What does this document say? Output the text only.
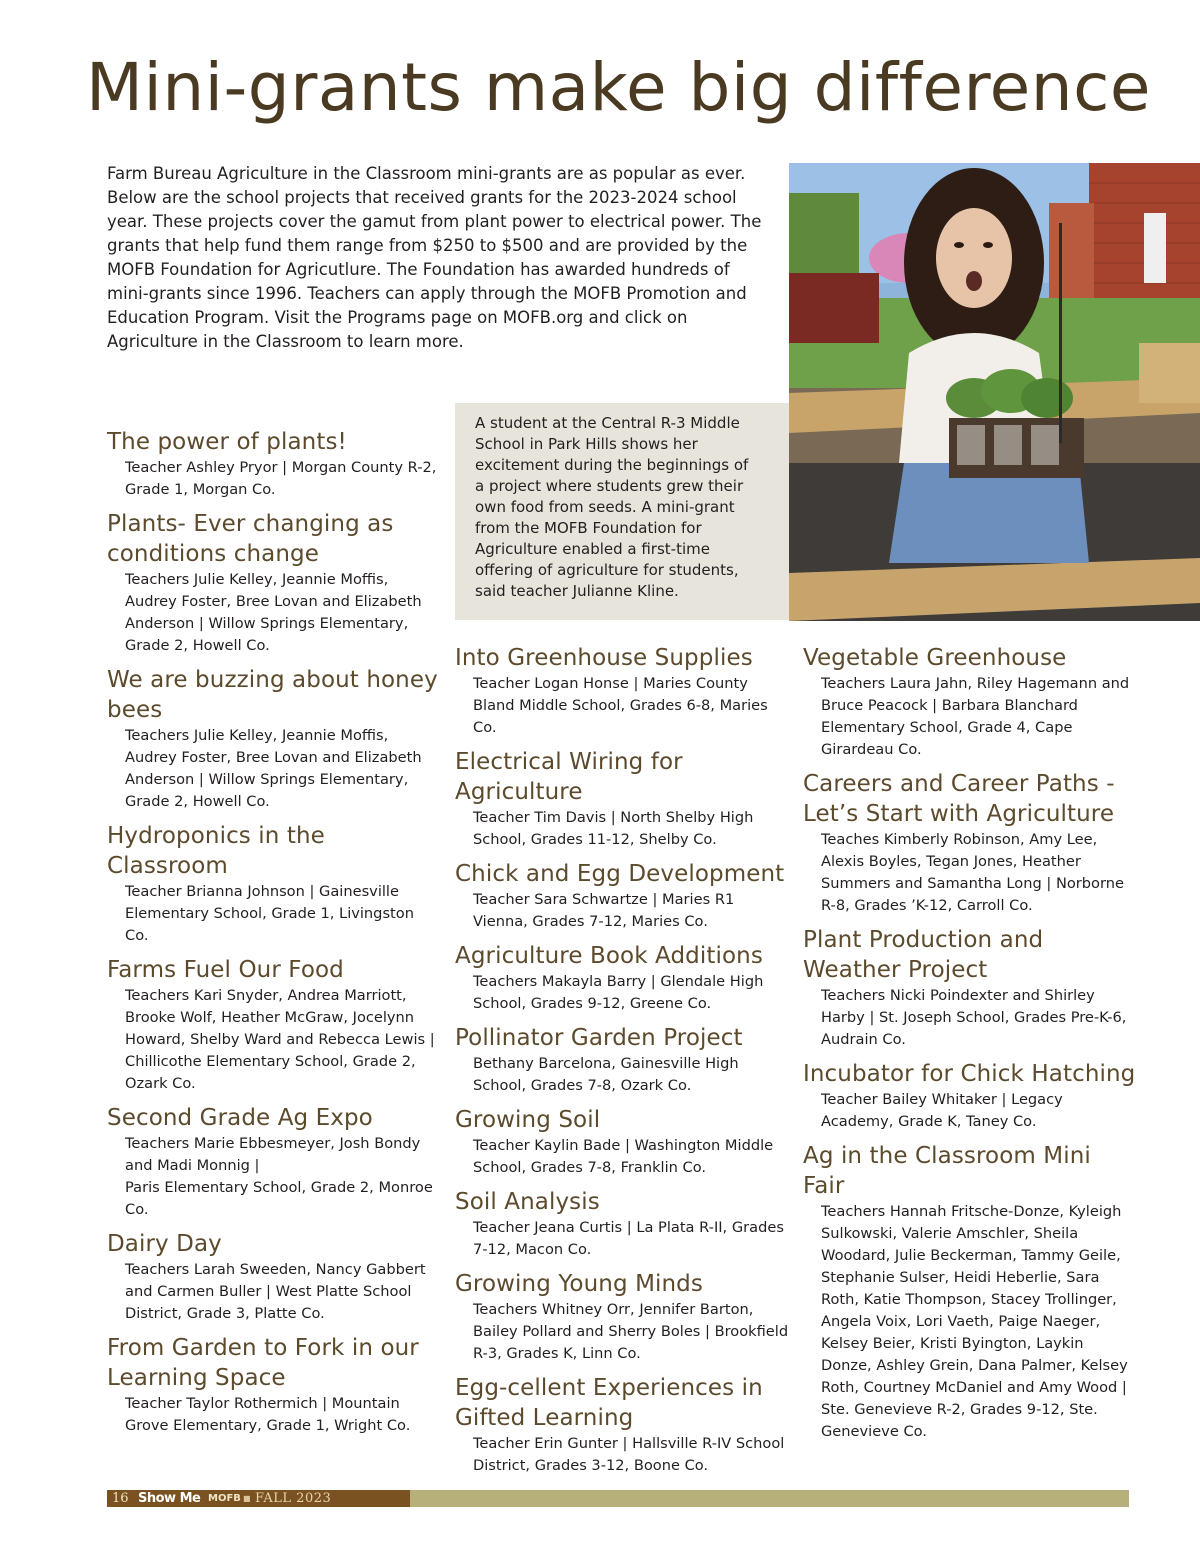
Mini-grants make big difference

Farm Bureau Agriculture in the Classroom mini-grants are as popular as ever. Below are the school projects that received grants for the 2023-2024 school year. These projects cover the gamut from plant power to electrical power. The grants that help fund them range from $250 to $500 and are provided by the MOFB Foundation for Agricutlure. The Foundation has awarded hundreds of mini-grants since 1996. Teachers can apply through the MOFB Promotion and Education Program. Visit the Programs page on MOFB.org and click on Agriculture in the Classroom to learn more.

A student at the Central R-3 Middle School in Park Hills shows her excitement during the beginnings of a project where students grew their own food from seeds. A mini-grant from the MOFB Foundation for Agriculture enabled a first-time offering of agriculture for students, said teacher Julianne Kline.

The power of plants!

Teacher Ashley Pryor | Morgan County R-2, Grade 1, Morgan Co.

Plants- Ever changing as conditions change

Teachers Julie Kelley, Jeannie Moffis, Audrey Foster, Bree Lovan and Elizabeth Anderson | Willow Springs Elementary, Grade 2, Howell Co.

We are buzzing about honey bees

Teachers Julie Kelley, Jeannie Moffis, Audrey Foster, Bree Lovan and Elizabeth Anderson | Willow Springs Elementary, Grade 2, Howell Co.

Hydroponics in the Classroom

Teacher Brianna Johnson | Gainesville Elementary School, Grade 1, Livingston Co.

Farms Fuel Our Food

Teachers Kari Snyder, Andrea Marriott, Brooke Wolf, Heather McGraw, Jocelynn Howard, Shelby Ward and Rebecca Lewis | Chillicothe Elementary School, Grade 2, Ozark Co.

Second Grade Ag Expo

Teachers Marie Ebbesmeyer, Josh Bondy and Madi Monnig |
Paris Elementary School, Grade 2, Monroe Co.

Dairy Day

Teachers Larah Sweeden, Nancy Gabbert and Carmen Buller | West Platte School District, Grade 3, Platte Co.

From Garden to Fork in our Learning Space

Teacher Taylor Rothermich | Mountain Grove Elementary, Grade 1, Wright Co.

Into Greenhouse Supplies

Teacher Logan Honse | Maries County Bland Middle School, Grades 6-8, Maries Co.

Electrical Wiring for Agriculture

Teacher Tim Davis | North Shelby High School, Grades 11-12, Shelby Co.

Chick and Egg Development

Teacher Sara Schwartze | Maries R1 Vienna, Grades 7-12, Maries Co.

Agriculture Book Additions

Teachers Makayla Barry | Glendale High School, Grades 9-12, Greene Co.

Pollinator Garden Project

Bethany Barcelona, Gainesville High School, Grades 7-8, Ozark Co.

Growing Soil

Teacher Kaylin Bade | Washington Middle School, Grades 7-8, Franklin Co.

Soil Analysis

Teacher Jeana Curtis | La Plata R-II, Grades 7-12, Macon Co.

Growing Young Minds

Teachers Whitney Orr, Jennifer Barton, Bailey Pollard and Sherry Boles | Brookfield R-3, Grades K, Linn Co.

Egg-cellent Experiences in Gifted Learning

Teacher Erin Gunter | Hallsville R-IV School District, Grades 3-12, Boone Co.

Vegetable Greenhouse

Teachers Laura Jahn, Riley Hagemann and Bruce Peacock | Barbara Blanchard Elementary School, Grade 4, Cape Girardeau Co.

Careers and Career Paths - Let’s Start with Agriculture

Teaches Kimberly Robinson, Amy Lee, Alexis Boyles, Tegan Jones, Heather Summers and Samantha Long | Norborne R-8, Grades ’K-12, Carroll Co.

Plant Production and Weather Project

Teachers Nicki Poindexter and Shirley Harby | St. Joseph School, Grades Pre-K-6, Audrain Co.

Incubator for Chick Hatching

Teacher Bailey Whitaker | Legacy Academy, Grade K, Taney Co.

Ag in the Classroom Mini Fair

Teachers Hannah Fritsche-Donze, Kyleigh Sulkowski, Valerie Amschler, Sheila Woodard, Julie Beckerman, Tammy Geile, Stephanie Sulser, Heidi Heberlie, Sara Roth, Katie Thompson, Stacey Trollinger, Angela Voix, Lori Vaeth, Paige Naeger, Kelsey Beier, Kristi Byington, Laykin Donze, Ashley Grein, Dana Palmer, Kelsey Roth, Courtney McDaniel and Amy Wood | Ste. Genevieve R-2, Grades 9-12, Ste. Genevieve Co.

16 Show Me MOFB ■ FALL 2023
